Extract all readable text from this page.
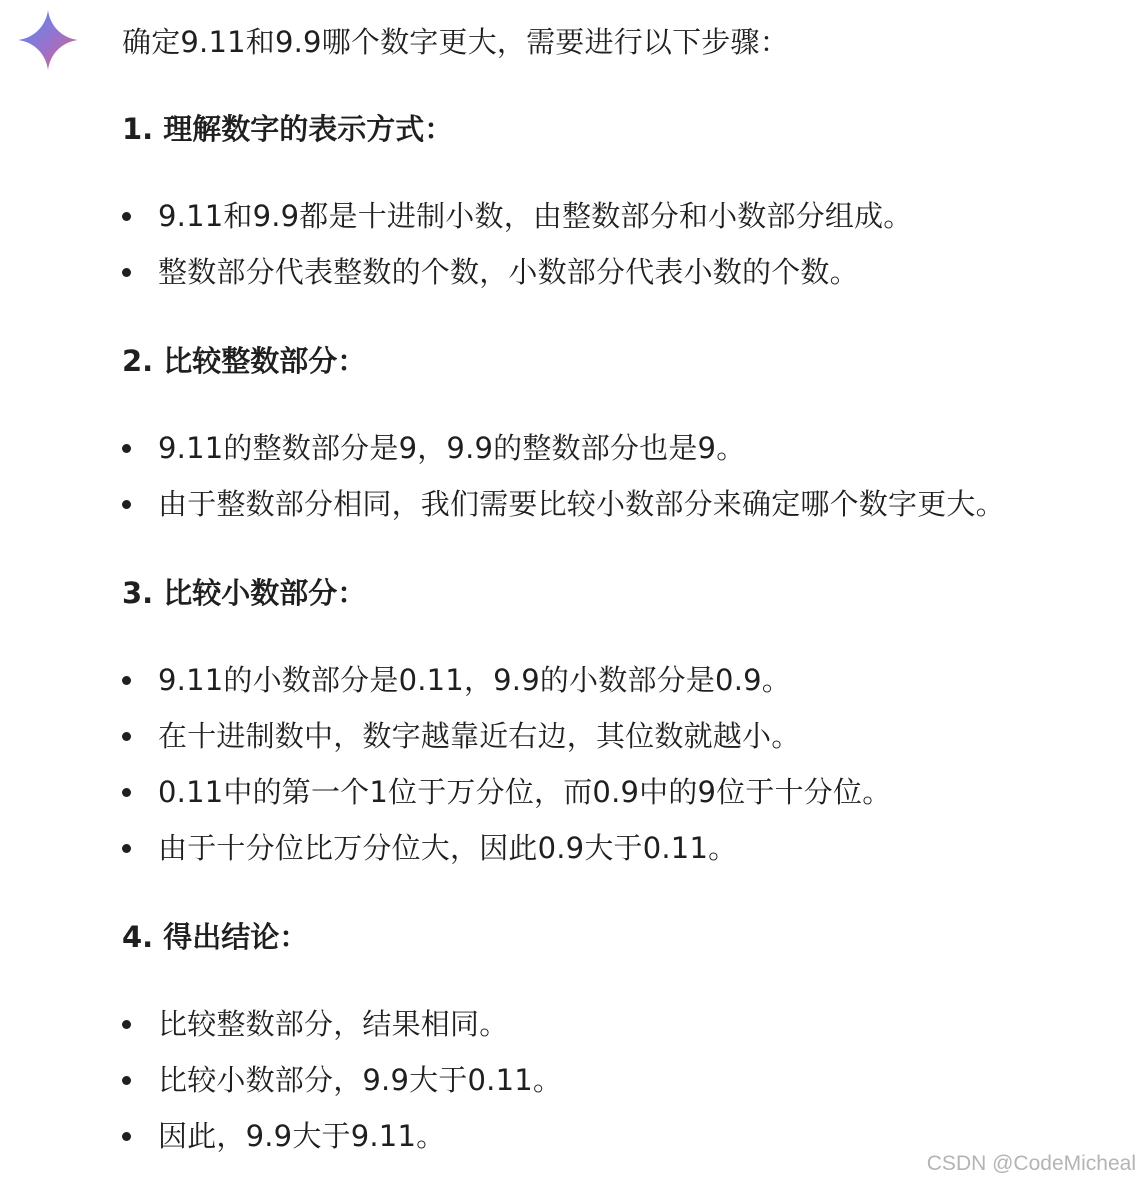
确定9.11和9.9哪个数字更大，需要进行以下步骤：
1. 理解数字的表示方式：
9.11和9.9都是十进制小数，由整数部分和小数部分组成。
整数部分代表整数的个数，小数部分代表小数的个数。
2. 比较整数部分：
9.11的整数部分是9，9.9的整数部分也是9。
由于整数部分相同，我们需要比较小数部分来确定哪个数字更大。
3. 比较小数部分：
9.11的小数部分是0.11，9.9的小数部分是0.9。
在十进制数中，数字越靠近右边，其位数就越小。
0.11中的第一个1位于万分位，而0.9中的9位于十分位。
由于十分位比万分位大，因此0.9大于0.11。
4. 得出结论：
比较整数部分，结果相同。
比较小数部分，9.9大于0.11。
因此，9.9大于9.11。
CSDN @CodeMicheal
